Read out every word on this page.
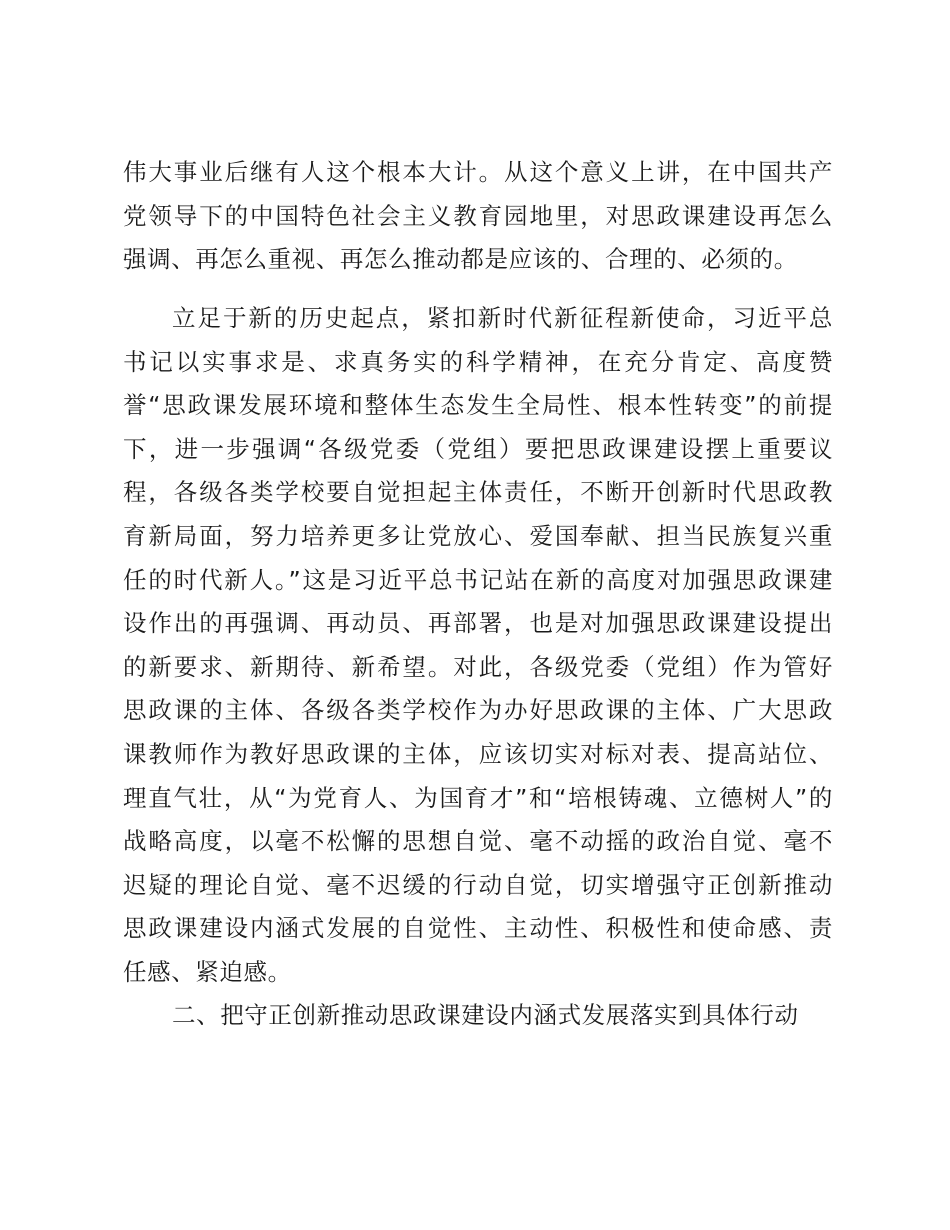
伟大事业后继有人这个根本大计。从这个意义上讲，在中国共产
党领导下的中国特色社会主义教育园地里，对思政课建设再怎么
强调、再怎么重视、再怎么推动都是应该的、合理的、必须的。
立足于新的历史起点，紧扣新时代新征程新使命，习近平总
书记以实事求是、求真务实的科学精神，在充分肯定、高度赞
誉“思政课发展环境和整体生态发生全局性、根本性转变”的前提
下，进一步强调“各级党委（党组）要把思政课建设摆上重要议
程，各级各类学校要自觉担起主体责任，不断开创新时代思政教
育新局面，努力培养更多让党放心、爱国奉献、担当民族复兴重
任的时代新人。”这是习近平总书记站在新的高度对加强思政课建
设作出的再强调、再动员、再部署，也是对加强思政课建设提出
的新要求、新期待、新希望。对此，各级党委（党组）作为管好
思政课的主体、各级各类学校作为办好思政课的主体、广大思政
课教师作为教好思政课的主体，应该切实对标对表、提高站位、
理直气壮，从“为党育人、为国育才”和“培根铸魂、立德树人”的
战略高度，以毫不松懈的思想自觉、毫不动摇的政治自觉、毫不
迟疑的理论自觉、毫不迟缓的行动自觉，切实增强守正创新推动
思政课建设内涵式发展的自觉性、主动性、积极性和使命感、责
任感、紧迫感。
二、把守正创新推动思政课建设内涵式发展落实到具体行动
